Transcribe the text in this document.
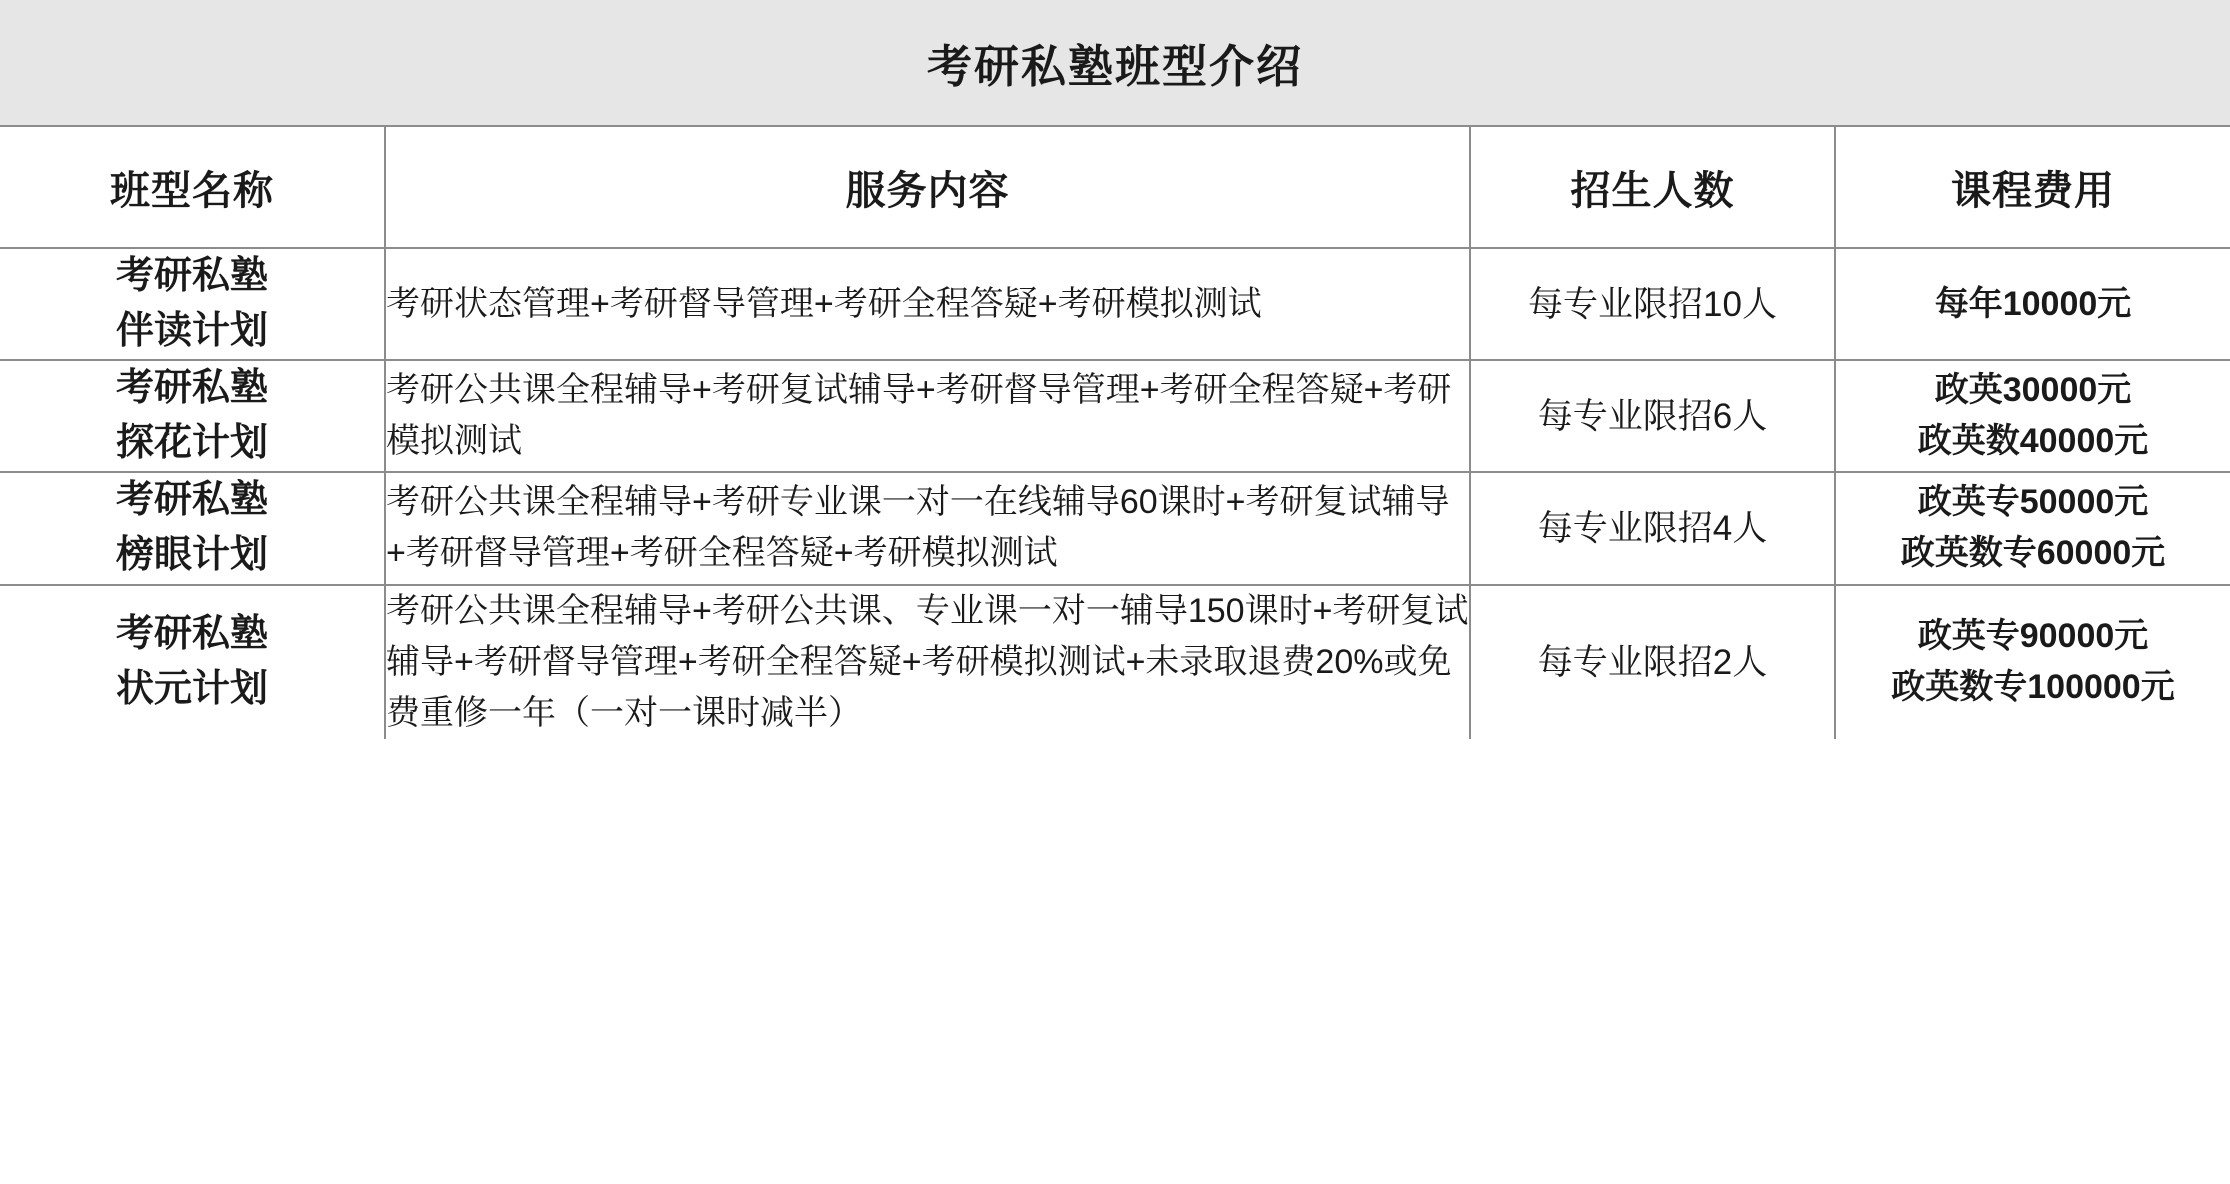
考研私塾班型介绍			
班型名称	服务内容	招生人数	课程费用

考研私塾
伴读计划	考研状态管理+考研督导管理+考研全程答疑+考研模拟测试	每专业限招10人	每年10000元

考研私塾
探花计划	考研公共课全程辅导+考研复试辅导+考研督导管理+考研全程答疑+考研模拟测试	每专业限招6人	政英30000元
政英数40000元

考研私塾
榜眼计划	考研公共课全程辅导+考研专业课一对一在线辅导60课时+考研复试辅导+考研督导管理+考研全程答疑+考研模拟测试	每专业限招4人	政英专50000元
政英数专60000元

考研私塾
状元计划	考研公共课全程辅导+考研公共课、专业课一对一辅导150课时+考研复试辅导+考研督导管理+考研全程答疑+考研模拟测试+未录取退费20%或免费重修一年（一对一课时减半）	每专业限招2人	政英专90000元
政英数专100000元
